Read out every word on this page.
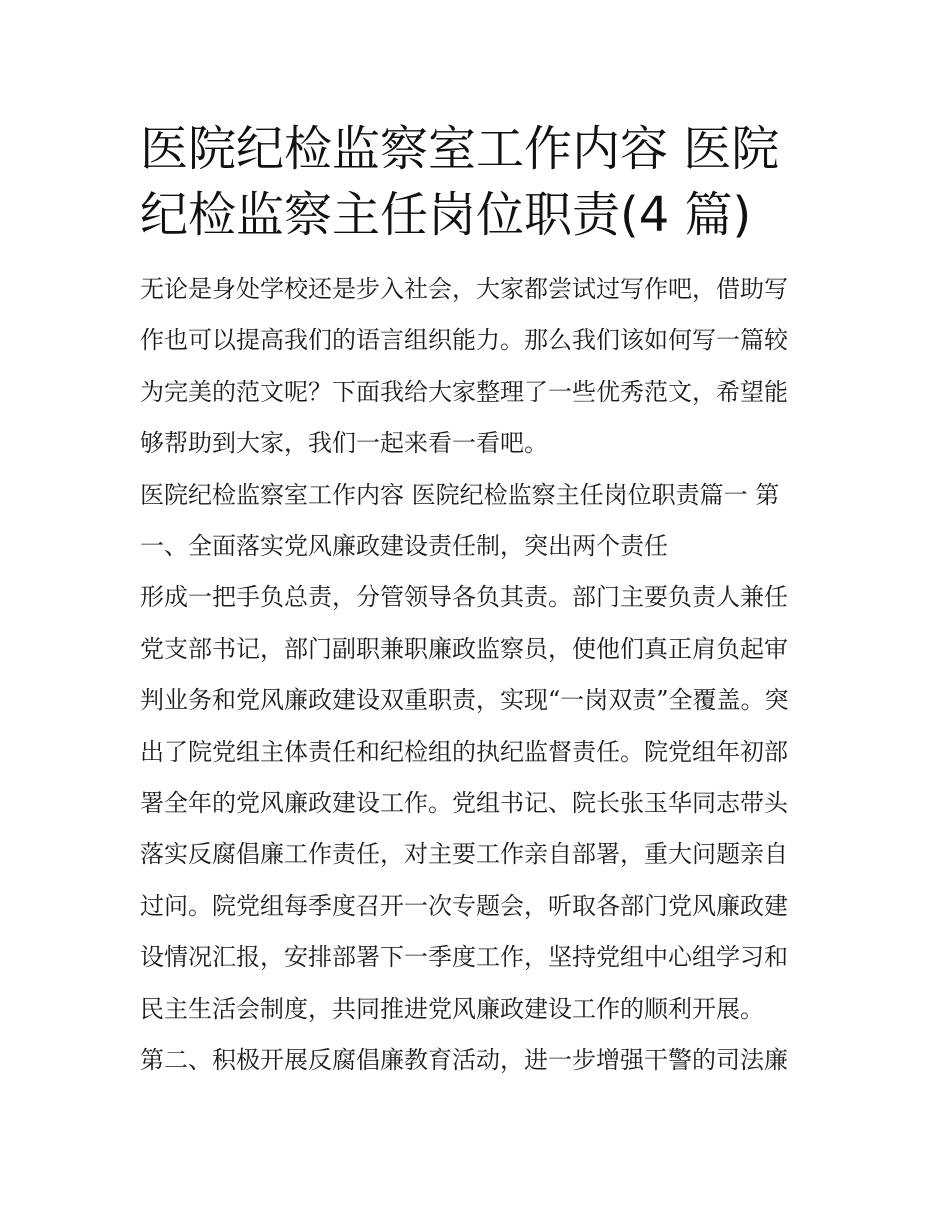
医院纪检监察室工作内容 医院
纪检监察主任岗位职责(4 篇)
无论是身处学校还是步入社会，大家都尝试过写作吧，借助写
作也可以提高我们的语言组织能力。那么我们该如何写一篇较
为完美的范文呢？下面我给大家整理了一些优秀范文，希望能
够帮助到大家，我们一起来看一看吧。
医院纪检监察室工作内容 医院纪检监察主任岗位职责篇一 第
一、全面落实党风廉政建设责任制，突出两个责任
形成一把手负总责，分管领导各负其责。部门主要负责人兼任
党支部书记，部门副职兼职廉政监察员，使他们真正肩负起审
判业务和党风廉政建设双重职责，实现“一岗双责”全覆盖。突
出了院党组主体责任和纪检组的执纪监督责任。院党组年初部
署全年的党风廉政建设工作。党组书记、院长张玉华同志带头
落实反腐倡廉工作责任，对主要工作亲自部署，重大问题亲自
过问。院党组每季度召开一次专题会，听取各部门党风廉政建
设情况汇报，安排部署下一季度工作，坚持党组中心组学习和
民主生活会制度，共同推进党风廉政建设工作的顺利开展。
第二、积极开展反腐倡廉教育活动，进一步增强干警的司法廉
